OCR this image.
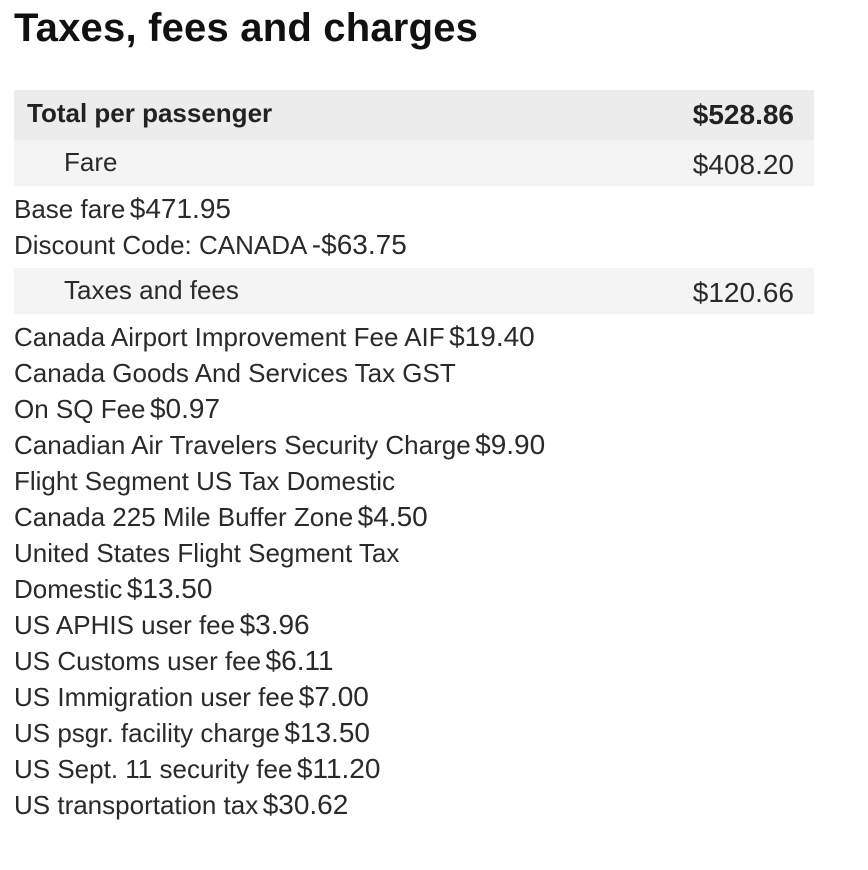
Taxes, fees and charges
Total per passenger	$528.86
Fare	$408.20
Base fare $471.95
Discount Code: CANADA -$63.75
Taxes and fees	$120.66
Canada Airport Improvement Fee AIF $19.40
Canada Goods And Services Tax GST
On SQ Fee $0.97
Canadian Air Travelers Security Charge $9.90
Flight Segment US Tax Domestic
Canada 225 Mile Buffer Zone $4.50
United States Flight Segment Tax
Domestic $13.50
US APHIS user fee $3.96
US Customs user fee $6.11
US Immigration user fee $7.00
US psgr. facility charge $13.50
US Sept. 11 security fee $11.20
US transportation tax $30.62
